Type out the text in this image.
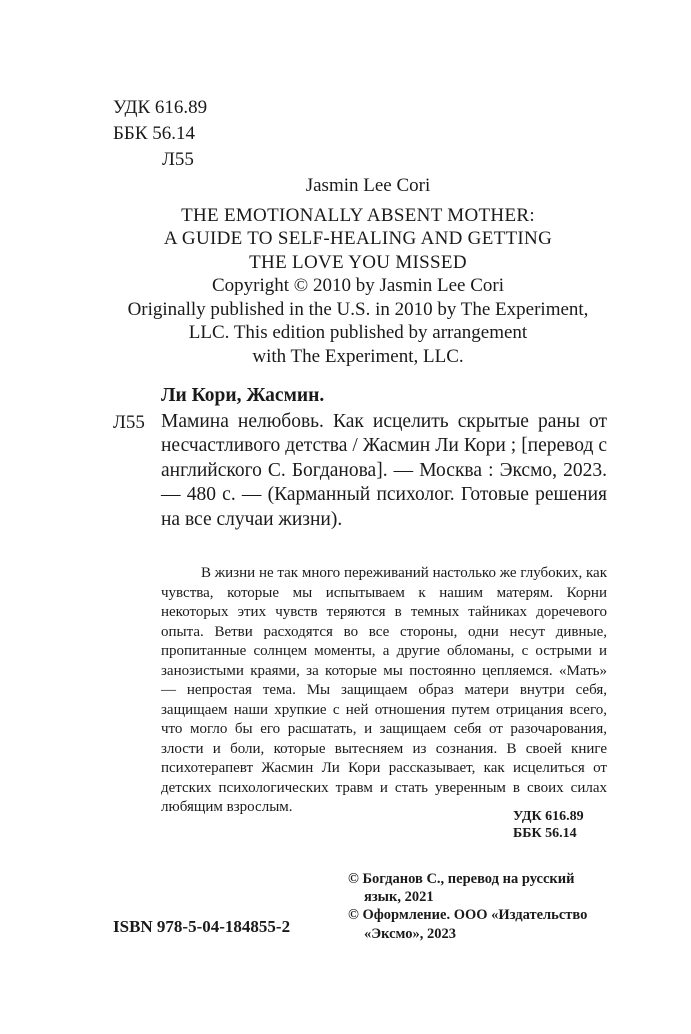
УДК 616.89
ББК 56.14
Л55
Jasmin Lee Cori
THE EMOTIONALLY ABSENT MOTHER:
A GUIDE TO SELF-HEALING AND GETTING
THE LOVE YOU MISSED
Copyright © 2010 by Jasmin Lee Cori
Originally published in the U.S. in 2010 by The Experiment,
LLC. This edition published by arrangement
with The Experiment, LLC.
Ли Кори, Жасмин.
Л55 Мамина нелюбовь. Как исцелить скрытые раны от несчастливого детства / Жасмин Ли Кори ; [перевод с английского С. Богданова]. — Москва : Эксмо, 2023. — 480 с. — (Карманный психолог. Готовые решения на все случаи жизни).
В жизни не так много переживаний настолько же глубоких, как чувства, которые мы испытываем к нашим матерям. Корни некоторых этих чувств теряются в темных тайниках доречевого опыта. Ветви расходятся во все стороны, одни несут дивные, пропитанные солнцем моменты, а другие обломаны, с острыми и занозистыми краями, за которые мы постоянно цепляемся. «Мать» — непростая тема. Мы защищаем образ матери внутри себя, защищаем наши хрупкие с ней отношения путем отрицания всего, что могло бы его расшатать, и защищаем себя от разочарования, злости и боли, которые вытесняем из сознания. В своей книге психотерапевт Жасмин Ли Кори рассказывает, как исцелиться от детских психологических травм и стать уверенным в своих силах любящим взрослым.
УДК 616.89
ББК 56.14
© Богданов С., перевод на русский язык, 2021
© Оформление. ООО «Издательство «Эксмо», 2023
ISBN 978-5-04-184855-2
